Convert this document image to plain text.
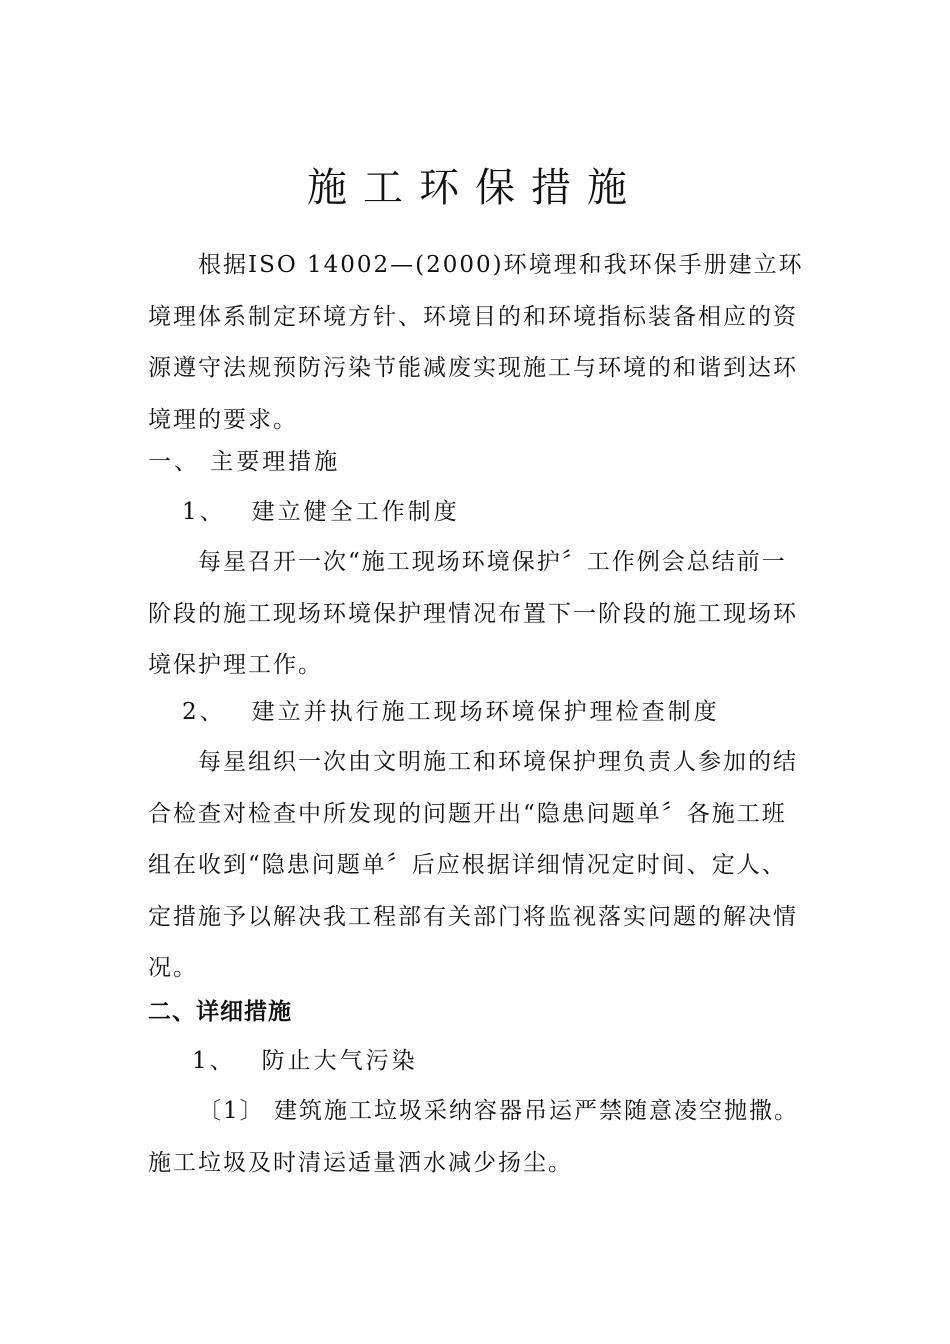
施工环保措施

根据ISO 14002—(2000)环境理和我环保手册建立环境理体系制定环境方针、环境目的和环境指标装备相应的资源遵守法规预防污染节能减废实现施工与环境的和谐到达环境理的要求。

一、 主要理措施

1、 建立健全工作制度

每星召开一次“施工现场环境保护〞工作例会总结前一阶段的施工现场环境保护理情况布置下一阶段的施工现场环境保护理工作。

2、 建立并执行施工现场环境保护理检查制度

每星组织一次由文明施工和环境保护理负责人参加的结合检查对检查中所发现的问题开出“隐患问题单〞各施工班组在收到“隐患问题单〞后应根据详细情况定时间、定人、定措施予以解决我工程部有关部门将监视落实问题的解决情况。

二、详细措施

1、 防止大气污染

〔1〕 建筑施工垃圾采纳容器吊运严禁随意凌空抛撒。施工垃圾及时清运适量洒水减少扬尘。
